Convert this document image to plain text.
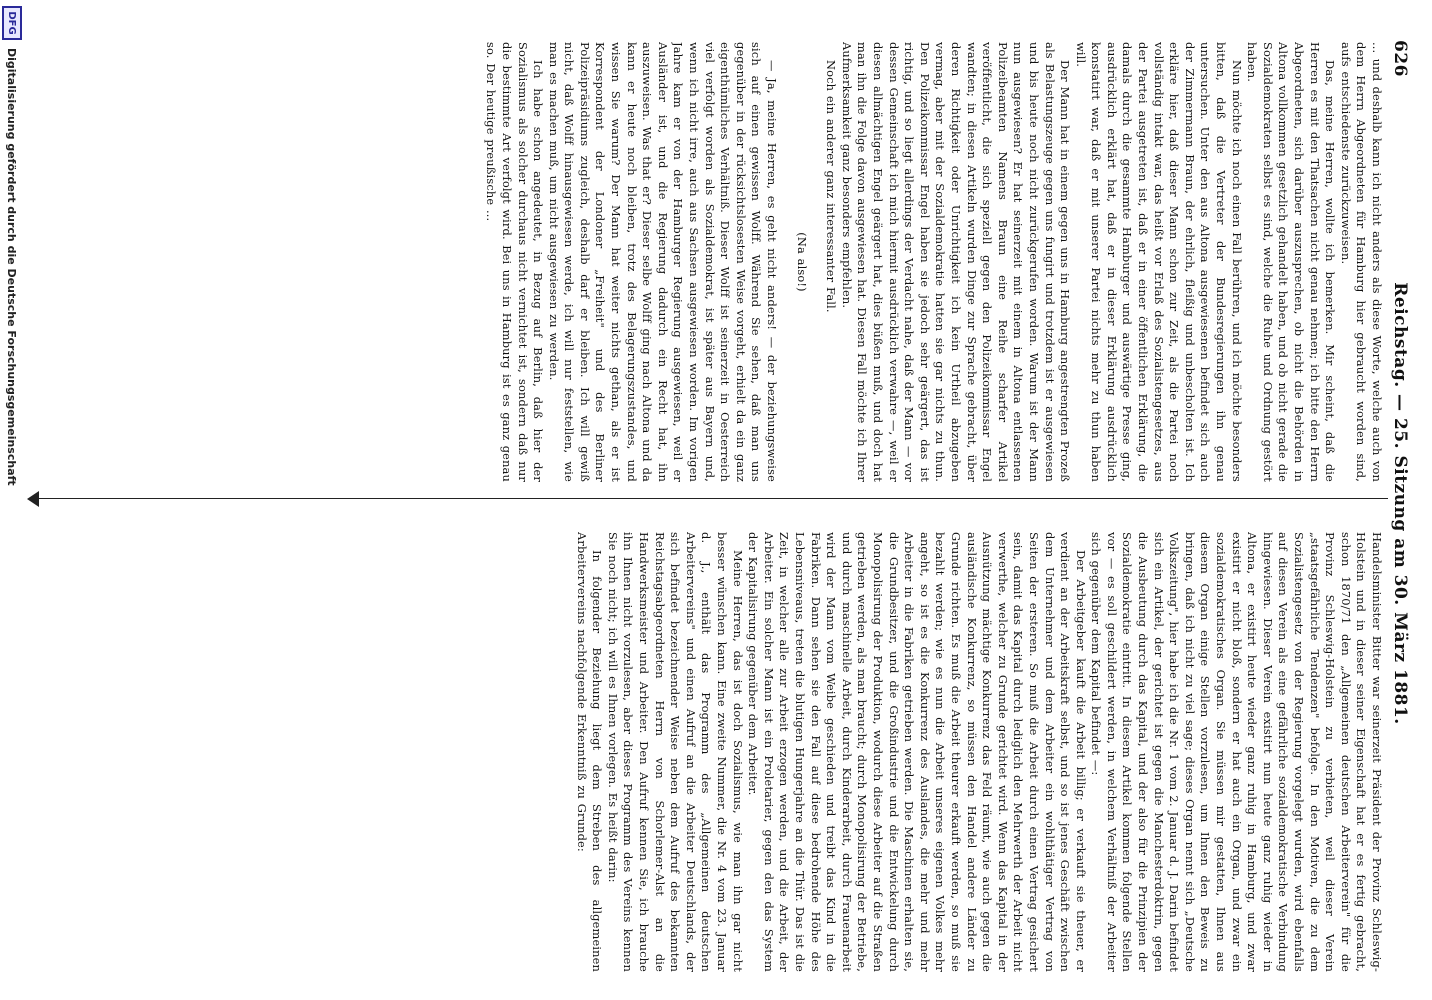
626
Reichstag. — 25. Sitzung am 30. März 1881.

... und deshalb kann ich nicht anders als diese Worte, welche auch von dem Herrn Abgeordneten für Hamburg hier gebraucht worden sind, aufs entschiedenste zurückzuweisen.

Das, meine Herren, wollte ich bemerken. Mir scheint, daß die Herren es mit den Thatsachen nicht genau nehmen; ich bitte den Herrn Abgeordneten, sich darüber auszusprechen, ob nicht die Behörden in Altona vollkommen gesetzlich gehandelt haben, und ob nicht gerade die Sozialdemokraten selbst es sind, welche die Ruhe und Ordnung gestört haben.

Nun möchte ich noch einen Fall berühren, und ich möchte besonders bitten, daß die Vertreter der Bundesregierungen ihn genau untersuchen. Unter den aus Altona ausgewiesenen befindet sich auch der Zimmermann Braun, der ehrlich, fleißig und unbescholten ist. Ich erkläre hier, daß dieser Mann schon zur Zeit, als die Partei noch vollständig intakt war, das heißt vor Erlaß des Sozialistengesetzes, aus der Partei ausgetreten ist, daß er in einer öffentlichen Erklärung, die damals durch die gesammte Hamburger und auswärtige Presse ging, ausdrücklich erklärt hat, daß er in dieser Erklärung ausdrücklich konstatirt war, daß er mit unserer Partei nichts mehr zu thun haben will.

Der Mann hat in einem gegen uns in Hamburg angestrengten Prozeß als Belastungszeuge gegen uns fungirt und trotzdem ist er ausgewiesen und bis heute noch nicht zurückgerufen worden. Warum ist der Mann nun ausgewiesen? Er hat seinerzeit mit einem in Altona entlassenen Polizeibeamten Namens Braun eine Reihe scharfer Artikel veröffentlicht, die sich speziell gegen den Polizeikommissar Engel wandten; in diesen Artikeln wurden Dinge zur Sprache gebracht, über deren Richtigkeit oder Unrichtigkeit ich kein Urtheil abzugeben vermag, aber mit der Sozialdemokratie hatten sie gar nichts zu thun. Den Polizeikommissar Engel haben sie jedoch sehr geärgert, das ist richtig, und so liegt allerdings der Verdacht nahe, daß der Mann — vor dessen Gemeinschaft ich mich hiermit ausdrücklich verwahre —, weil er diesen allmächtigen Engel geärgert hat, dies büßen muß, und doch hat man ihn die Folge davon ausgewiesen hat. Diesen Fall möchte ich Ihrer Aufmerksamkeit ganz besonders empfehlen.

Noch ein anderer ganz interessanter Fall.

(Na also!)

— Ja, meine Herren, es geht nicht anders! — der beziehungsweise sich auf einen gewissen Wolff. Während Sie sehen, daß man uns gegenüber in der rücksichtslosesten Weise vorgeht, erhielt da ein ganz eigenthümliches Verhältniß. Dieser Wolff ist seinerzeit in Oesterreich viel verfolgt worden als Sozialdemokrat, ist später aus Bayern und, wenn ich nicht irre, auch aus Sachsen ausgewiesen worden. Im vorigen Jahre kam er von der Hamburger Regierung ausgewiesen, weil er Ausländer ist, und die Regierung dadurch ein Recht hat, ihn auszuweisen. Was that er? Dieser selbe Wolff ging nach Altona und da kann er heute noch bleiben, trotz des Belagerungszustandes, und wissen Sie warum? Der Mann hat weiter nichts gethan, als er ist Korrespondent der Londoner „Freiheit" und des Berliner Polizeipräsidiums zugleich, deshalb darf er bleiben. Ich will gewiß nicht, daß Wolff hinausgewiesen werde, ich will nur feststellen, wie man es machen muß, um nicht ausgewiesen zu werden.

Ich habe schon angedeutet, in Bezug auf Berlin, daß hier der Sozialismus als solcher durchaus nicht vernichtet ist, sondern daß nur die bestimmte Art verfolgt wird. Bei uns in Hamburg ist es ganz genau so. Der heutige preußische ...

Handelsminister Bitter war seinerzeit Präsident der Provinz Schleswig-Holstein und in dieser seiner Eigenschaft hat er es fertig gebracht, schon 1870/71 den „Allgemeinen deutschen Arbeiterverein" für die Provinz Schleswig-Holstein zu verbieten, weil dieser Verein „staatsgefährliche Tendenzen" befolge. In den Motiven, die zu dem Sozialistengesetz von der Regierung vorgelegt wurden, wird ebenfalls auf diesen Verein als eine gefährliche sozialdemokratische Verbindung hingewiesen. Dieser Verein existirt nun heute ganz ruhig wieder in Altona, er existirt heute wieder ganz ruhig in Hamburg, und zwar existirt er nicht bloß, sondern er hat auch ein Organ, und zwar ein sozialdemokratisches Organ. Sie müssen mir gestatten, Ihnen aus diesem Organ einige Stellen vorzulesen, um Ihnen den Beweis zu bringen, daß ich nicht zu viel sage; dieses Organ nennt sich „Deutsche Volkszeitung", hier habe ich die Nr. 1 vom 2. Januar d. J. Darin befindet sich ein Artikel, der gerichtet ist gegen die Manchesterdoktrin, gegen die Ausbeutung durch das Kapital, und der also für die Prinzipien der Sozialdemokratie eintritt. In diesem Artikel kommen folgende Stellen vor — es soll geschildert werden, in welchem Verhältniß der Arbeiter sich gegenüber dem Kapital befindet —:

Der Arbeitgeber kauft die Arbeit billig; er verkauft sie theuer, er verdient an der Arbeitskraft selbst, und so ist jenes Geschäft zwischen dem Unternehmer und dem Arbeiter ein wohlthätiger Vertrag von Seiten der ersteren. So muß die Arbeit durch einen Vertrag gesichert sein, damit das Kapital durch lediglich den Mehrwerth der Arbeit nicht verwerthe, welcher zu Grunde gerichtet wird. Wenn das Kapital in der Ausnützung mächtige Konkurrenz das Feld räumt, wie auch gegen die ausländische Konkurrenz, so müssen den Handel andere Länder zu Grunde richten. Es muß die Arbeit theurer erkauft werden, so muß sie bezahlt werden; wie es nun die Arbeit unseres eigenen Volkes mehr angeht, so ist es die Konkurrenz des Auslandes, die mehr und mehr Arbeiter in die Fabriken getrieben werden. Die Maschinen erhalten sie, die Grundbesitzer, und die Großindustrie und die Entwickelung durch Monopolisirung der Produktion, wodurch diese Arbeiter auf die Straßen getrieben werden, als man braucht; durch Monopolisirung der Betriebe, und durch maschinelle Arbeit, durch Kinderarbeit, durch Frauenarbeit wird der Mann vom Weibe geschieden und treibt das Kind in die Fabriken. Dann sehen sie den Fall auf diese bedrohende Höhe des Lebensniveaus, treten die blutigen Hungerjahre an die Thür. Das ist die Zeit, in welcher alle zur Arbeit erzogen werden, und die Arbeit, der Arbeiter. Ein solcher Mann ist ein Proletarier, gegen den das System der Kapitalisirung gegenüber dem Arbeiter.

Meine Herren, das ist doch Sozialismus, wie man ihn gar nicht besser wünschen kann. Eine zweite Nummer, die Nr. 4 vom 23. Januar d. J., enthält das Programm des „Allgemeinen deutschen Arbeitervereins" und einen Aufruf an die Arbeiter Deutschlands, der sich befindet bezeichnender Weise neben dem Aufruf des bekannten Reichstagsabgeordneten Herrn von Schorlemer-Alst an die Handwerksmeister und Arbeiter. Den Aufruf kennen Sie, ich brauche ihn Ihnen nicht vorzulesen, aber dieses Programm des Vereins kennen Sie noch nicht; ich will es Ihnen vorlegen. Es heißt darin:

In folgender Beziehung liegt dem Streben des allgemeinen Arbeitervereins nachfolgende Erkenntniß zu Grunde:

DFG
Digitalisierung gefördert durch die Deutsche Forschungsgemeinschaft
